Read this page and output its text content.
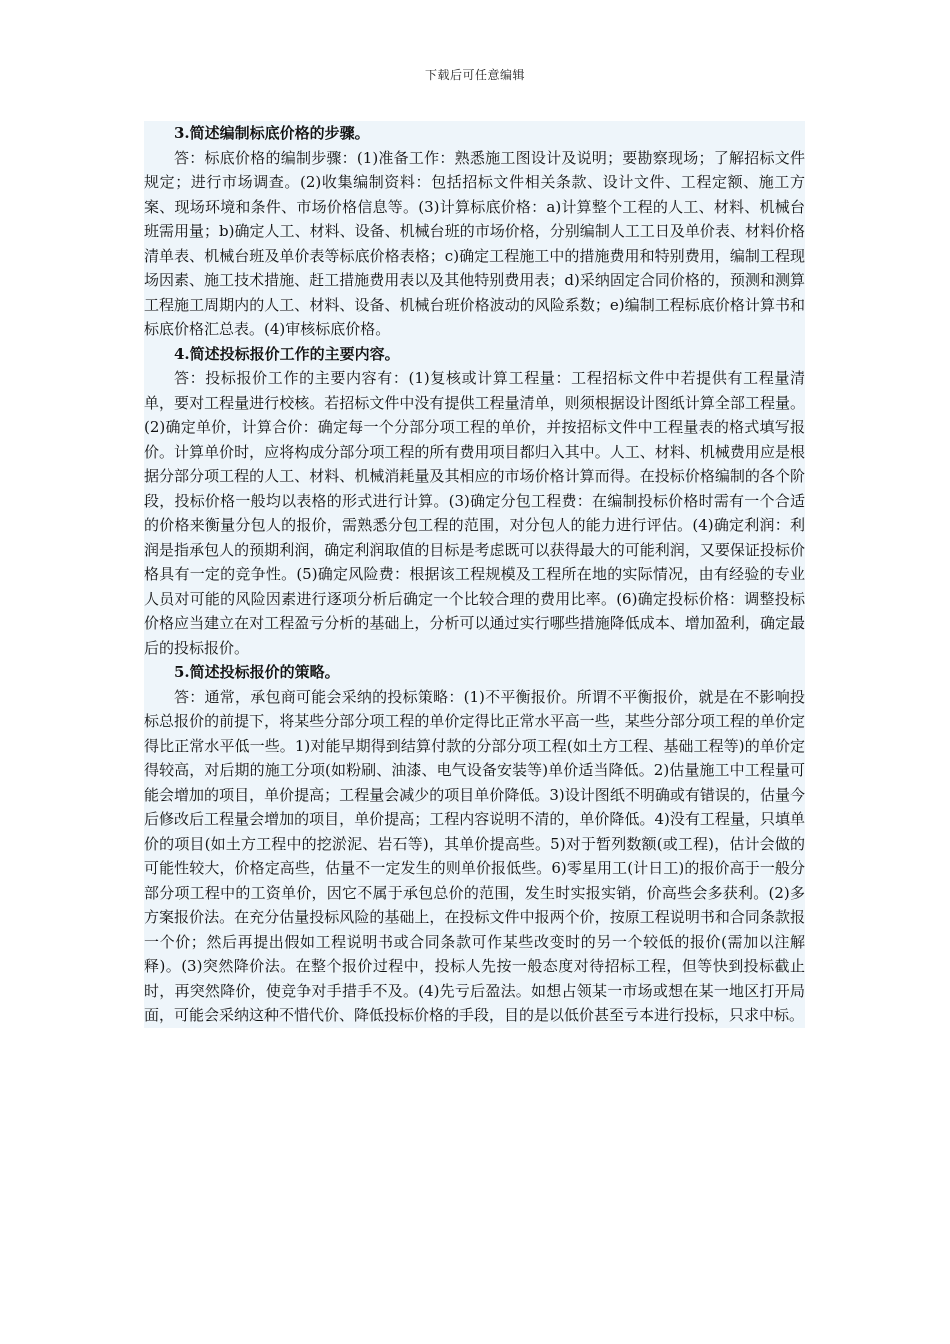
下载后可任意编辑

3.简述编制标底价格的步骤。

答：标底价格的编制步骤：(1)准备工作：熟悉施工图设计及说明；要勘察现场；了解招标文件规定；进行市场调查。(2)收集编制资料：包括招标文件相关条款、设计文件、工程定额、施工方案、现场环境和条件、市场价格信息等。(3)计算标底价格：a)计算整个工程的人工、材料、机械台班需用量；b)确定人工、材料、设备、机械台班的市场价格，分别编制人工工日及单价表、材料价格清单表、机械台班及单价表等标底价格表格；c)确定工程施工中的措施费用和特别费用，编制工程现场因素、施工技术措施、赶工措施费用表以及其他特别费用表；d)采纳固定合同价格的，预测和测算工程施工周期内的人工、材料、设备、机械台班价格波动的风险系数；e)编制工程标底价格计算书和标底价格汇总表。(4)审核标底价格。

4.简述投标报价工作的主要内容。

答：投标报价工作的主要内容有：(1)复核或计算工程量：工程招标文件中若提供有工程量清单，要对工程量进行校核。若招标文件中没有提供工程量清单，则须根据设计图纸计算全部工程量。(2)确定单价，计算合价：确定每一个分部分项工程的单价，并按招标文件中工程量表的格式填写报价。计算单价时，应将构成分部分项工程的所有费用项目都归入其中。人工、材料、机械费用应是根据分部分项工程的人工、材料、机械消耗量及其相应的市场价格计算而得。在投标价格编制的各个阶段，投标价格一般均以表格的形式进行计算。(3)确定分包工程费：在编制投标价格时需有一个合适的价格来衡量分包人的报价，需熟悉分包工程的范围，对分包人的能力进行评估。(4)确定利润：利润是指承包人的预期利润，确定利润取值的目标是考虑既可以获得最大的可能利润，又要保证投标价格具有一定的竞争性。(5)确定风险费：根据该工程规模及工程所在地的实际情况，由有经验的专业人员对可能的风险因素进行逐项分析后确定一个比较合理的费用比率。(6)确定投标价格：调整投标价格应当建立在对工程盈亏分析的基础上，分析可以通过实行哪些措施降低成本、增加盈利，确定最后的投标报价。

5.简述投标报价的策略。

答：通常，承包商可能会采纳的投标策略：(1)不平衡报价。所谓不平衡报价，就是在不影响投标总报价的前提下，将某些分部分项工程的单价定得比正常水平高一些，某些分部分项工程的单价定得比正常水平低一些。1)对能早期得到结算付款的分部分项工程(如土方工程、基础工程等)的单价定得较高，对后期的施工分项(如粉刷、油漆、电气设备安装等)单价适当降低。2)估量施工中工程量可能会增加的项目，单价提高；工程量会减少的项目单价降低。3)设计图纸不明确或有错误的，估量今后修改后工程量会增加的项目，单价提高；工程内容说明不清的，单价降低。4)没有工程量，只填单价的项目(如土方工程中的挖淤泥、岩石等)，其单价提高些。5)对于暂列数额(或工程)，估计会做的可能性较大，价格定高些，估量不一定发生的则单价报低些。6)零星用工(计日工)的报价高于一般分部分项工程中的工资单价，因它不属于承包总价的范围，发生时实报实销，价高些会多获利。(2)多方案报价法。在充分估量投标风险的基础上，在投标文件中报两个价，按原工程说明书和合同条款报一个价；然后再提出假如工程说明书或合同条款可作某些改变时的另一个较低的报价(需加以注解释)。(3)突然降价法。在整个报价过程中，投标人先按一般态度对待招标工程，但等快到投标截止时，再突然降价，使竞争对手措手不及。(4)先亏后盈法。如想占领某一市场或想在某一地区打开局面，可能会采纳这种不惜代价、降低投标价格的手段，目的是以低价甚至亏本进行投标，只求中标。
